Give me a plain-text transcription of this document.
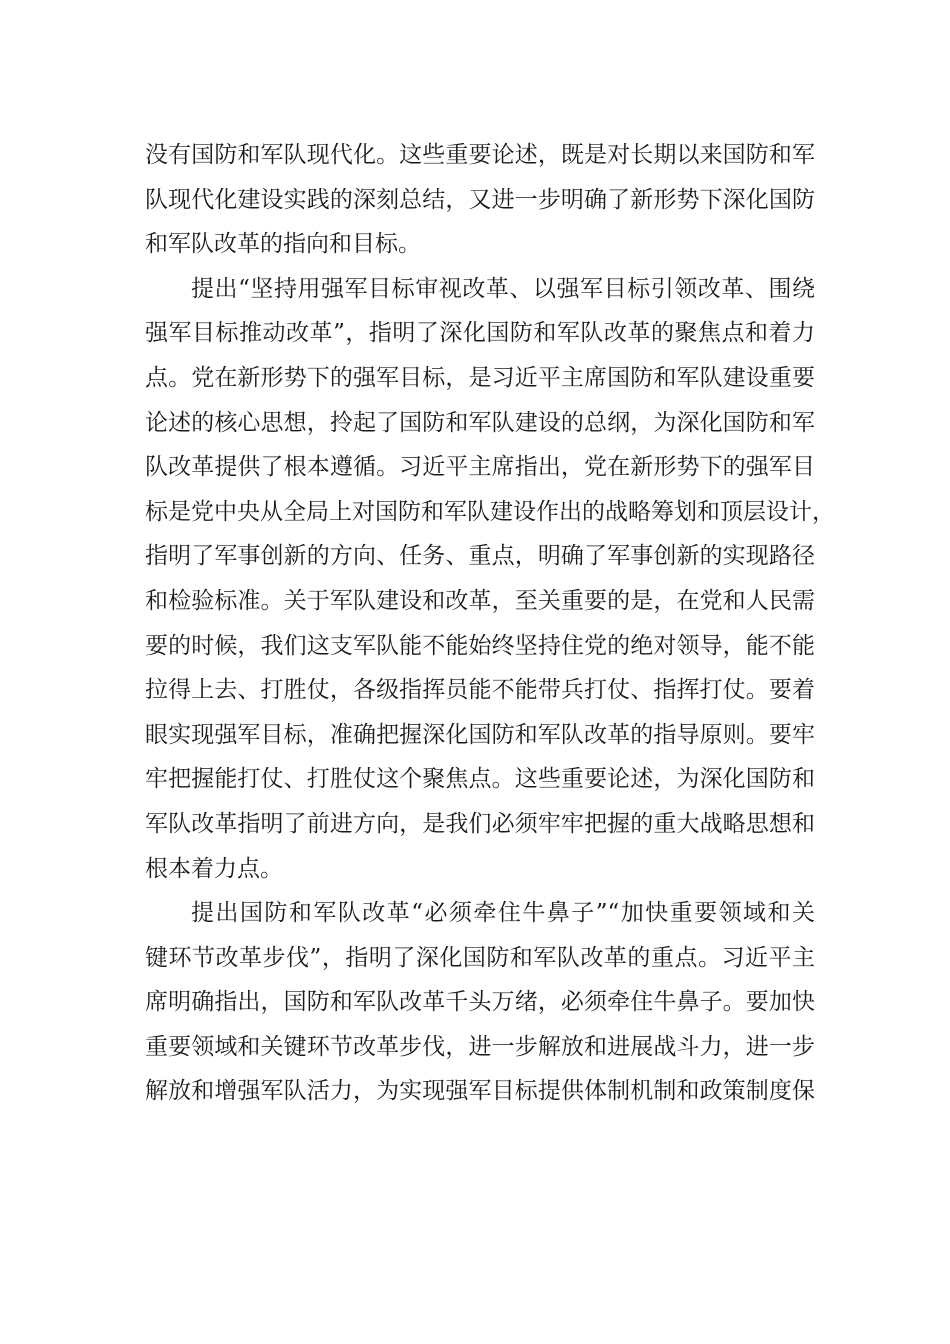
没有国防和军队现代化。这些重要论述，既是对长期以来国防和军
队现代化建设实践的深刻总结，又进一步明确了新形势下深化国防
和军队改革的指向和目标。
提出“坚持用强军目标审视改革、以强军目标引领改革、围绕
强军目标推动改革”，指明了深化国防和军队改革的聚焦点和着力
点。党在新形势下的强军目标，是习近平主席国防和军队建设重要
论述的核心思想，拎起了国防和军队建设的总纲，为深化国防和军
队改革提供了根本遵循。习近平主席指出，党在新形势下的强军目
标是党中央从全局上对国防和军队建设作出的战略筹划和顶层设计，
指明了军事创新的方向、任务、重点，明确了军事创新的实现路径
和检验标准。关于军队建设和改革，至关重要的是，在党和人民需
要的时候，我们这支军队能不能始终坚持住党的绝对领导，能不能
拉得上去、打胜仗，各级指挥员能不能带兵打仗、指挥打仗。要着
眼实现强军目标，准确把握深化国防和军队改革的指导原则。要牢
牢把握能打仗、打胜仗这个聚焦点。这些重要论述，为深化国防和
军队改革指明了前进方向，是我们必须牢牢把握的重大战略思想和
根本着力点。
提出国防和军队改革“必须牵住牛鼻子”“加快重要领域和关
键环节改革步伐”，指明了深化国防和军队改革的重点。习近平主
席明确指出，国防和军队改革千头万绪，必须牵住牛鼻子。要加快
重要领域和关键环节改革步伐，进一步解放和进展战斗力，进一步
解放和增强军队活力，为实现强军目标提供体制机制和政策制度保
